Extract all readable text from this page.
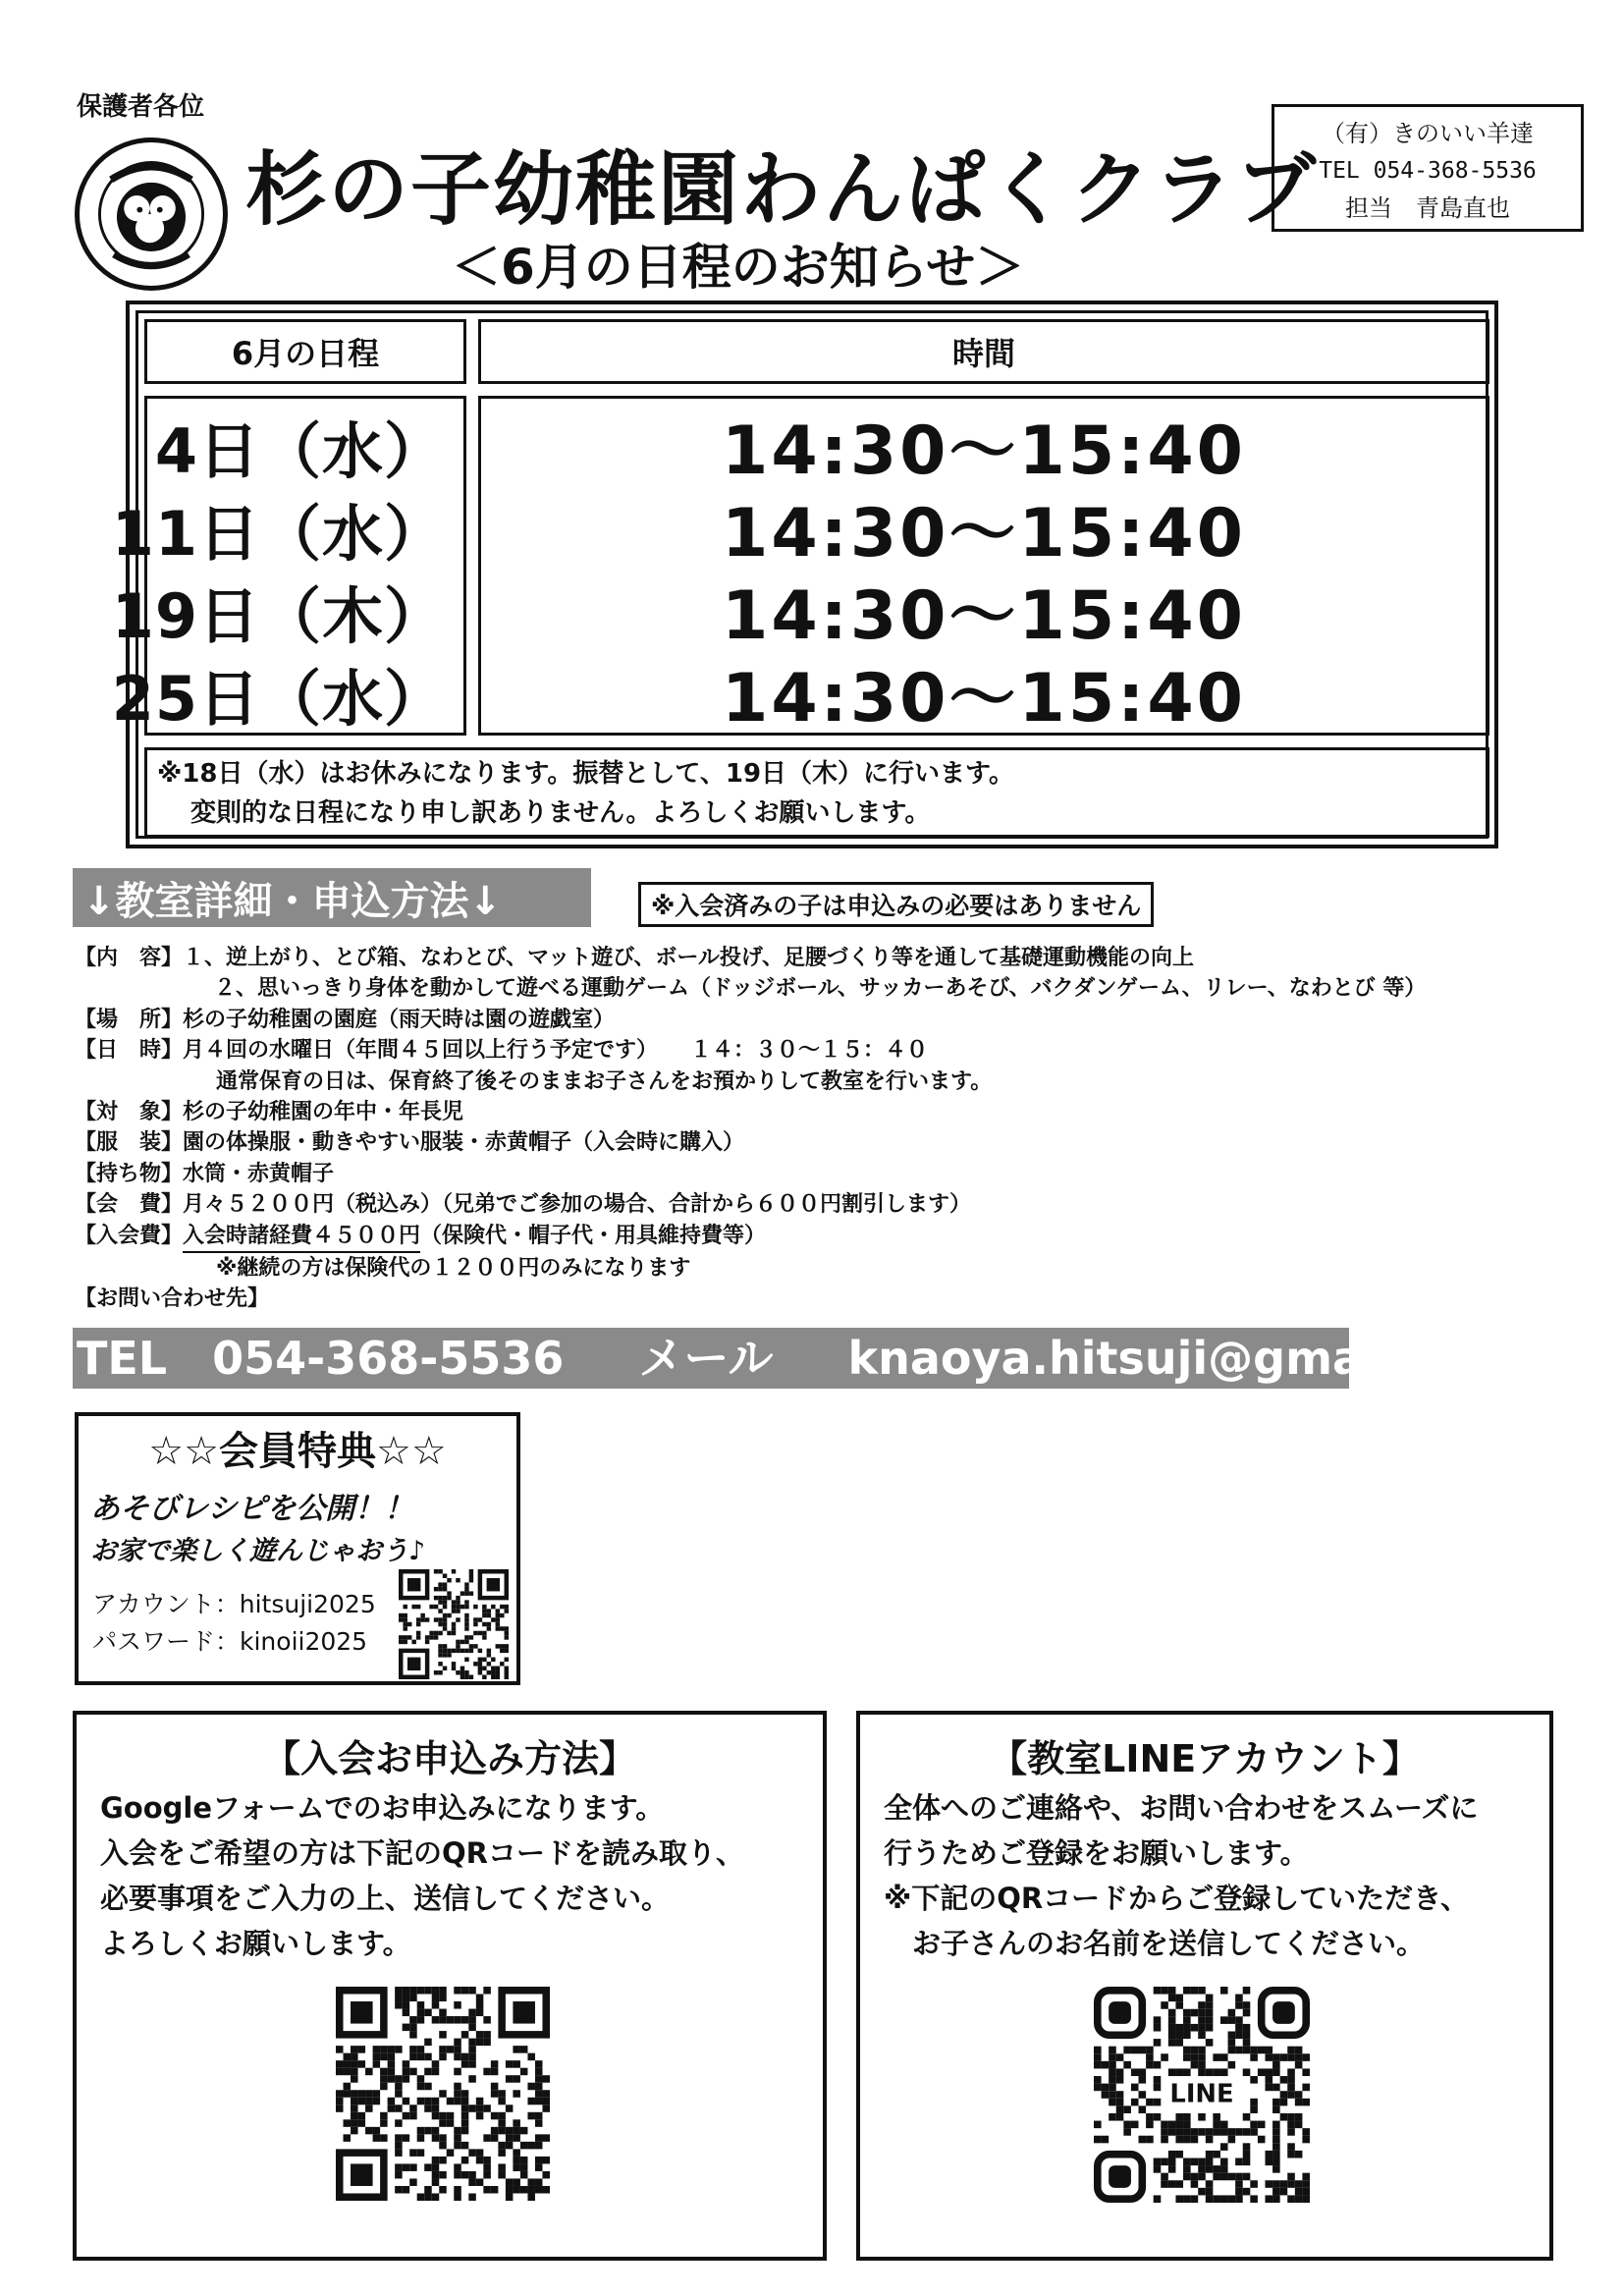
保護者各位
杉の子幼稚園わんぱくクラブ
＜6月の日程のお知らせ＞
（有）きのいい羊達
TEL 054-368-5536
担当　青島直也
6月の日程	時間
4日（水）
11日（水）
19日（木）
25日（水）
14:30〜15:40
14:30〜15:40
14:30〜15:40
14:30〜15:40
※18日（水）はお休みになります。振替として、19日（木）に行います。
変則的な日程になり申し訳ありません。よろしくお願いします。
↓教室詳細・申込方法↓	※入会済みの子は申込みの必要はありません
【内　容】 １、逆上がり、とび箱、なわとび、マット遊び、ボール投げ、足腰づくり等を通して基礎運動機能の向上
２、思いっきり身体を動かして遊べる運動ゲーム（ドッジボール、サッカーあそび、バクダンゲーム、リレー、なわとび 等）
【場　所】 杉の子幼稚園の園庭（雨天時は園の遊戯室）
【日　時】 月４回の水曜日（年間４５回以上行う予定です）　　１４：３０〜１５：４０
通常保育の日は、保育終了後そのままお子さんをお預かりして教室を行います。
【対　象】 杉の子幼稚園の年中・年長児
【服　装】 園の体操服・動きやすい服装・赤黄帽子（入会時に購入）
【持ち物】 水筒・赤黄帽子
【会　費】 月々５２００円（税込み）（兄弟でご参加の場合、合計から６００円割引します）
【入会費】 入会時諸経費４５００円 （保険代・帽子代・用具維持費等）
※継続の方は保険代の１２００円のみになります
【お問い合わせ先】
TEL　054-368-5536 メール knaoya.hitsuji@gmail.com
☆☆会員特典☆☆
あそびレシピを公開！！
お家で楽しく遊んじゃおう♪
アカウント：hitsuji2025
パスワード：kinoii2025
【入会お申込み方法】
Googleフォームでのお申込みになります。
入会をご希望の方は下記のQRコードを読み取り、
必要事項をご入力の上、送信してください。
よろしくお願いします。
【教室LINEアカウント】
全体へのご連絡や、お問い合わせをスムーズに
行うためご登録をお願いします。
※下記のQRコードからご登録していただき、
　お子さんのお名前を送信してください。
LINE
